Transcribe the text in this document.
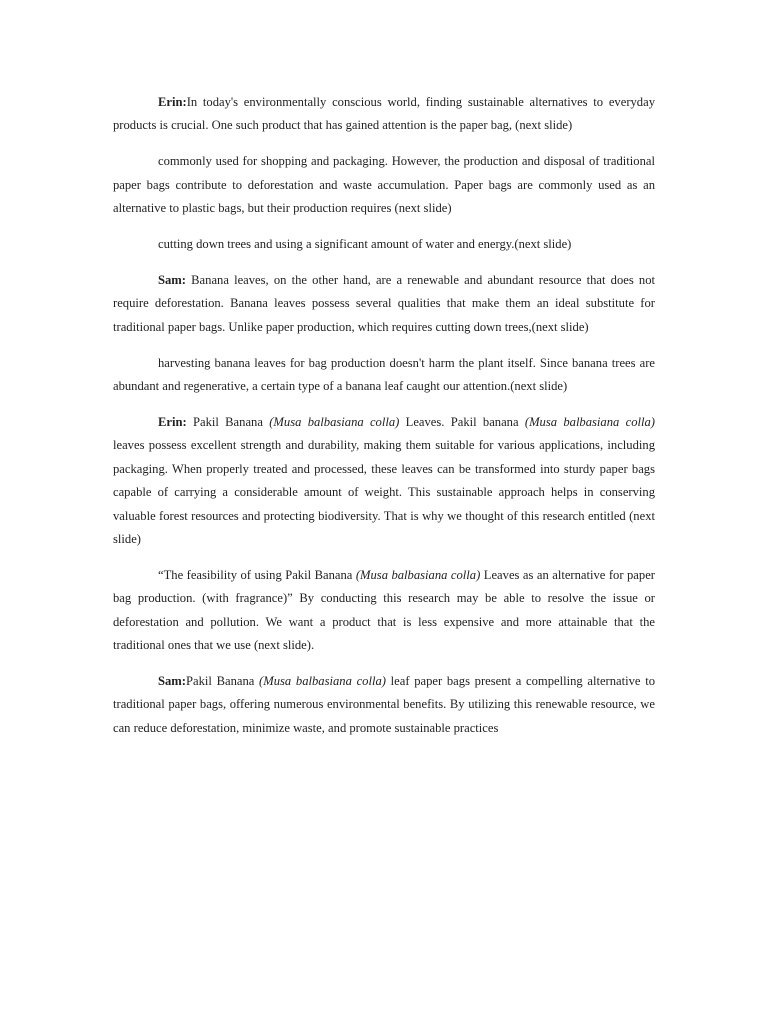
Erin:In today's environmentally conscious world, finding sustainable alternatives to everyday products is crucial. One such product that has gained attention is the paper bag, (next slide)

commonly used for shopping and packaging. However, the production and disposal of traditional paper bags contribute to deforestation and waste accumulation. Paper bags are commonly used as an alternative to plastic bags, but their production requires (next slide)

cutting down trees and using a significant amount of water and energy.(next slide)

Sam: Banana leaves, on the other hand, are a renewable and abundant resource that does not require deforestation. Banana leaves possess several qualities that make them an ideal substitute for traditional paper bags. Unlike paper production, which requires cutting down trees,(next slide)

harvesting banana leaves for bag production doesn't harm the plant itself. Since banana trees are abundant and regenerative, a certain type of a banana leaf caught our attention.(next slide)

Erin: Pakil Banana (Musa balbasiana colla) Leaves. Pakil banana (Musa balbasiana colla) leaves possess excellent strength and durability, making them suitable for various applications, including packaging. When properly treated and processed, these leaves can be transformed into sturdy paper bags capable of carrying a considerable amount of weight. This sustainable approach helps in conserving valuable forest resources and protecting biodiversity. That is why we thought of this research entitled (next slide)

“The feasibility of using Pakil Banana (Musa balbasiana colla) Leaves as an alternative for paper bag production. (with fragrance)” By conducting this research may be able to resolve the issue or deforestation and pollution. We want a product that is less expensive and more attainable that the traditional ones that we use (next slide).

Sam:Pakil Banana (Musa balbasiana colla) leaf paper bags present a compelling alternative to traditional paper bags, offering numerous environmental benefits. By utilizing this renewable resource, we can reduce deforestation, minimize waste, and promote sustainable practices
